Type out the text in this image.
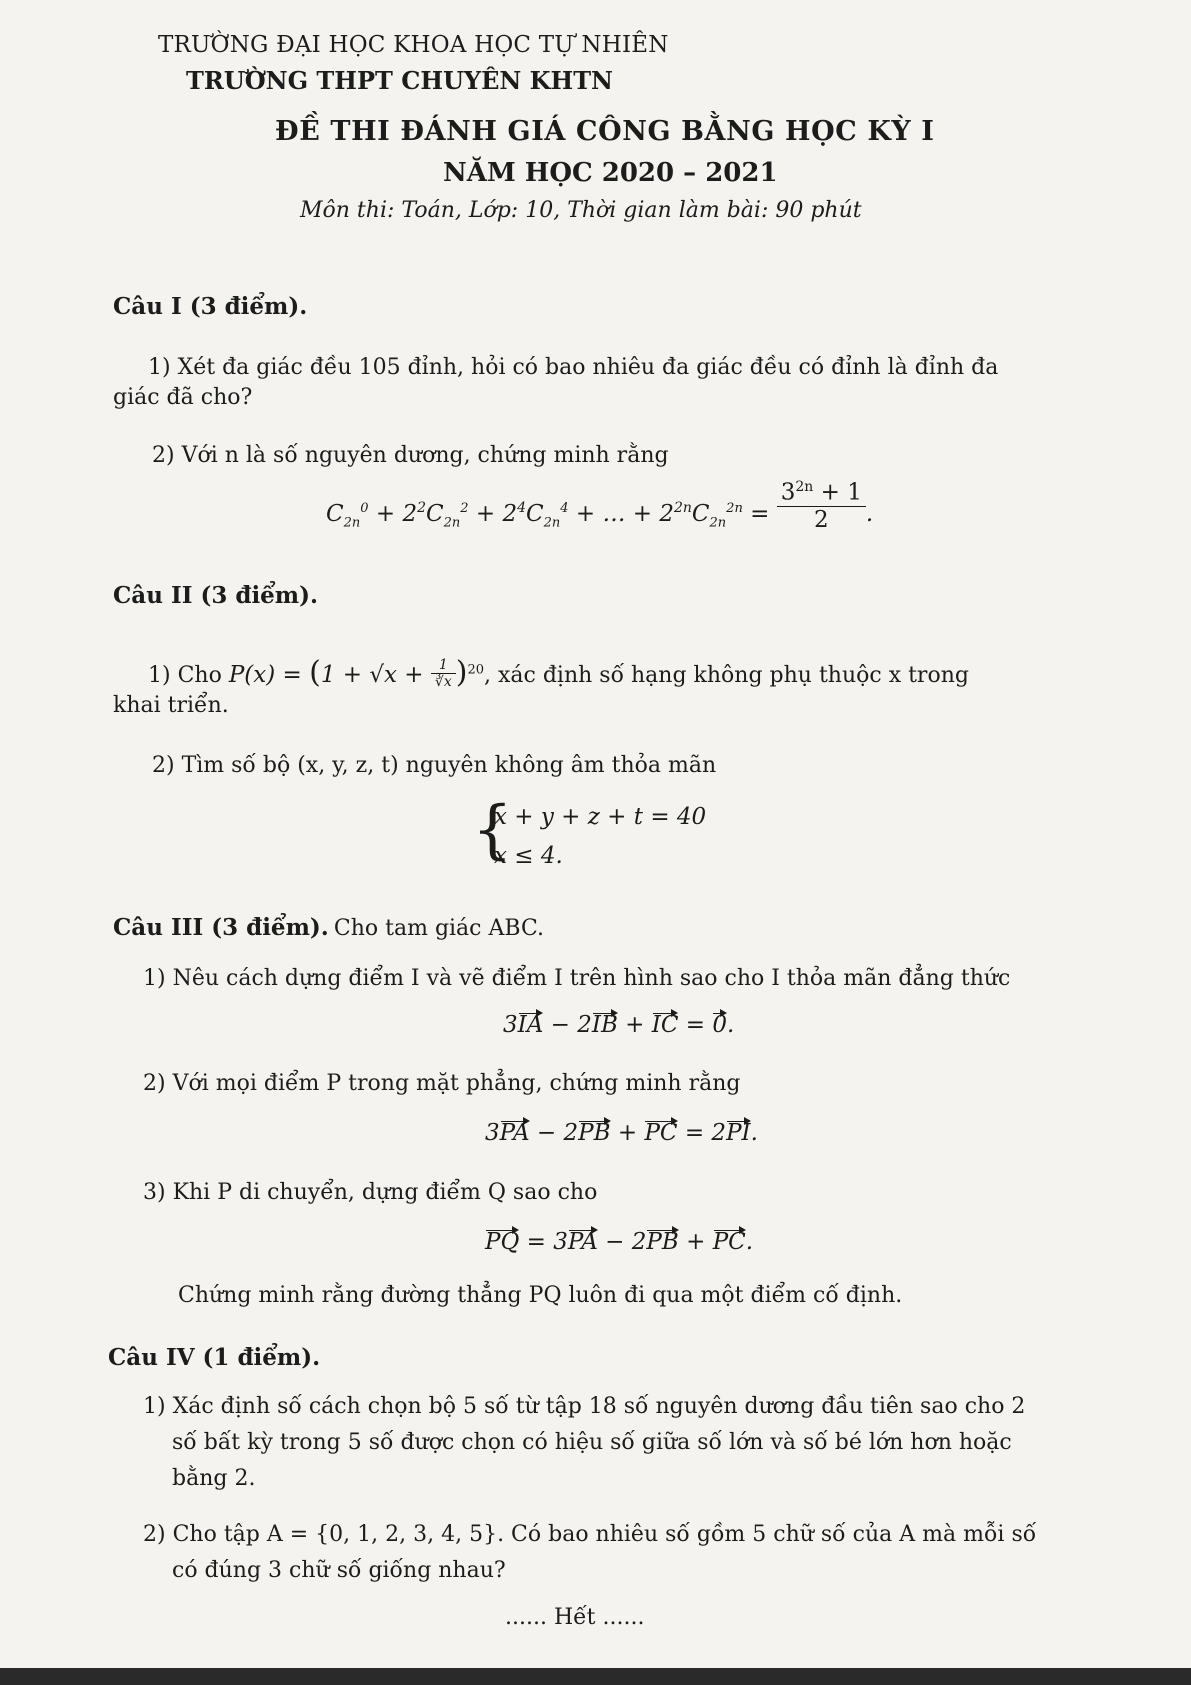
TRƯỜNG ĐẠI HỌC KHOA HỌC TỰ NHIÊN
TRƯỜNG THPT CHUYÊN KHTN
ĐỀ THI ĐÁNH GIÁ CÔNG BẰNG HỌC KỲ I
NĂM HỌC 2020 – 2021
Môn thi: Toán, Lớp: 10, Thời gian làm bài: 90 phút
Câu I (3 điểm).
1) Xét đa giác đều 105 đỉnh, hỏi có bao nhiêu đa giác đều có đỉnh là đỉnh đa
giác đã cho?
2) Với n là số nguyên dương, chứng minh rằng
$C_{2n}^0 + 2^2C_{2n}^2 + 2^4C_{2n}^4$ + … + $2^{2n}C_{2n}^{2n} = \frac{3^{2n} + 1}{2}$ .
Câu II (3 điểm).
1) Cho $P(x) = (1 + √x + \frac{1}{∛x} )^{20}$, xác định số hạng không phụ thuộc x trong
khai triển.
2) Tìm số bộ (x, y, z, t) nguyên không âm thỏa mãn
{
x + y + z + t = 40
x ≤ 4.
Câu III (3 điểm). Cho tam giác ABC.
1) Nêu cách dựng điểm I và vẽ điểm I trên hình sao cho I thỏa mãn đẳng thức
3IA − 2IB + IC = 0.
2) Với mọi điểm P trong mặt phẳng, chứng minh rằng
3PA − 2PB + PC = 2PI.
3) Khi P di chuyển, dựng điểm Q sao cho
PQ = 3PA − 2PB + PC.
Chứng minh rằng đường thẳng PQ luôn đi qua một điểm cố định.
Câu IV (1 điểm).
1) Xác định số cách chọn bộ 5 số từ tập 18 số nguyên dương đầu tiên sao cho 2
số bất kỳ trong 5 số được chọn có hiệu số giữa số lớn và số bé lớn hơn hoặc
bằng 2.
2) Cho tập A = {0, 1, 2, 3, 4, 5}. Có bao nhiêu số gồm 5 chữ số của A mà mỗi số
có đúng 3 chữ số giống nhau?
...... Hết ......
